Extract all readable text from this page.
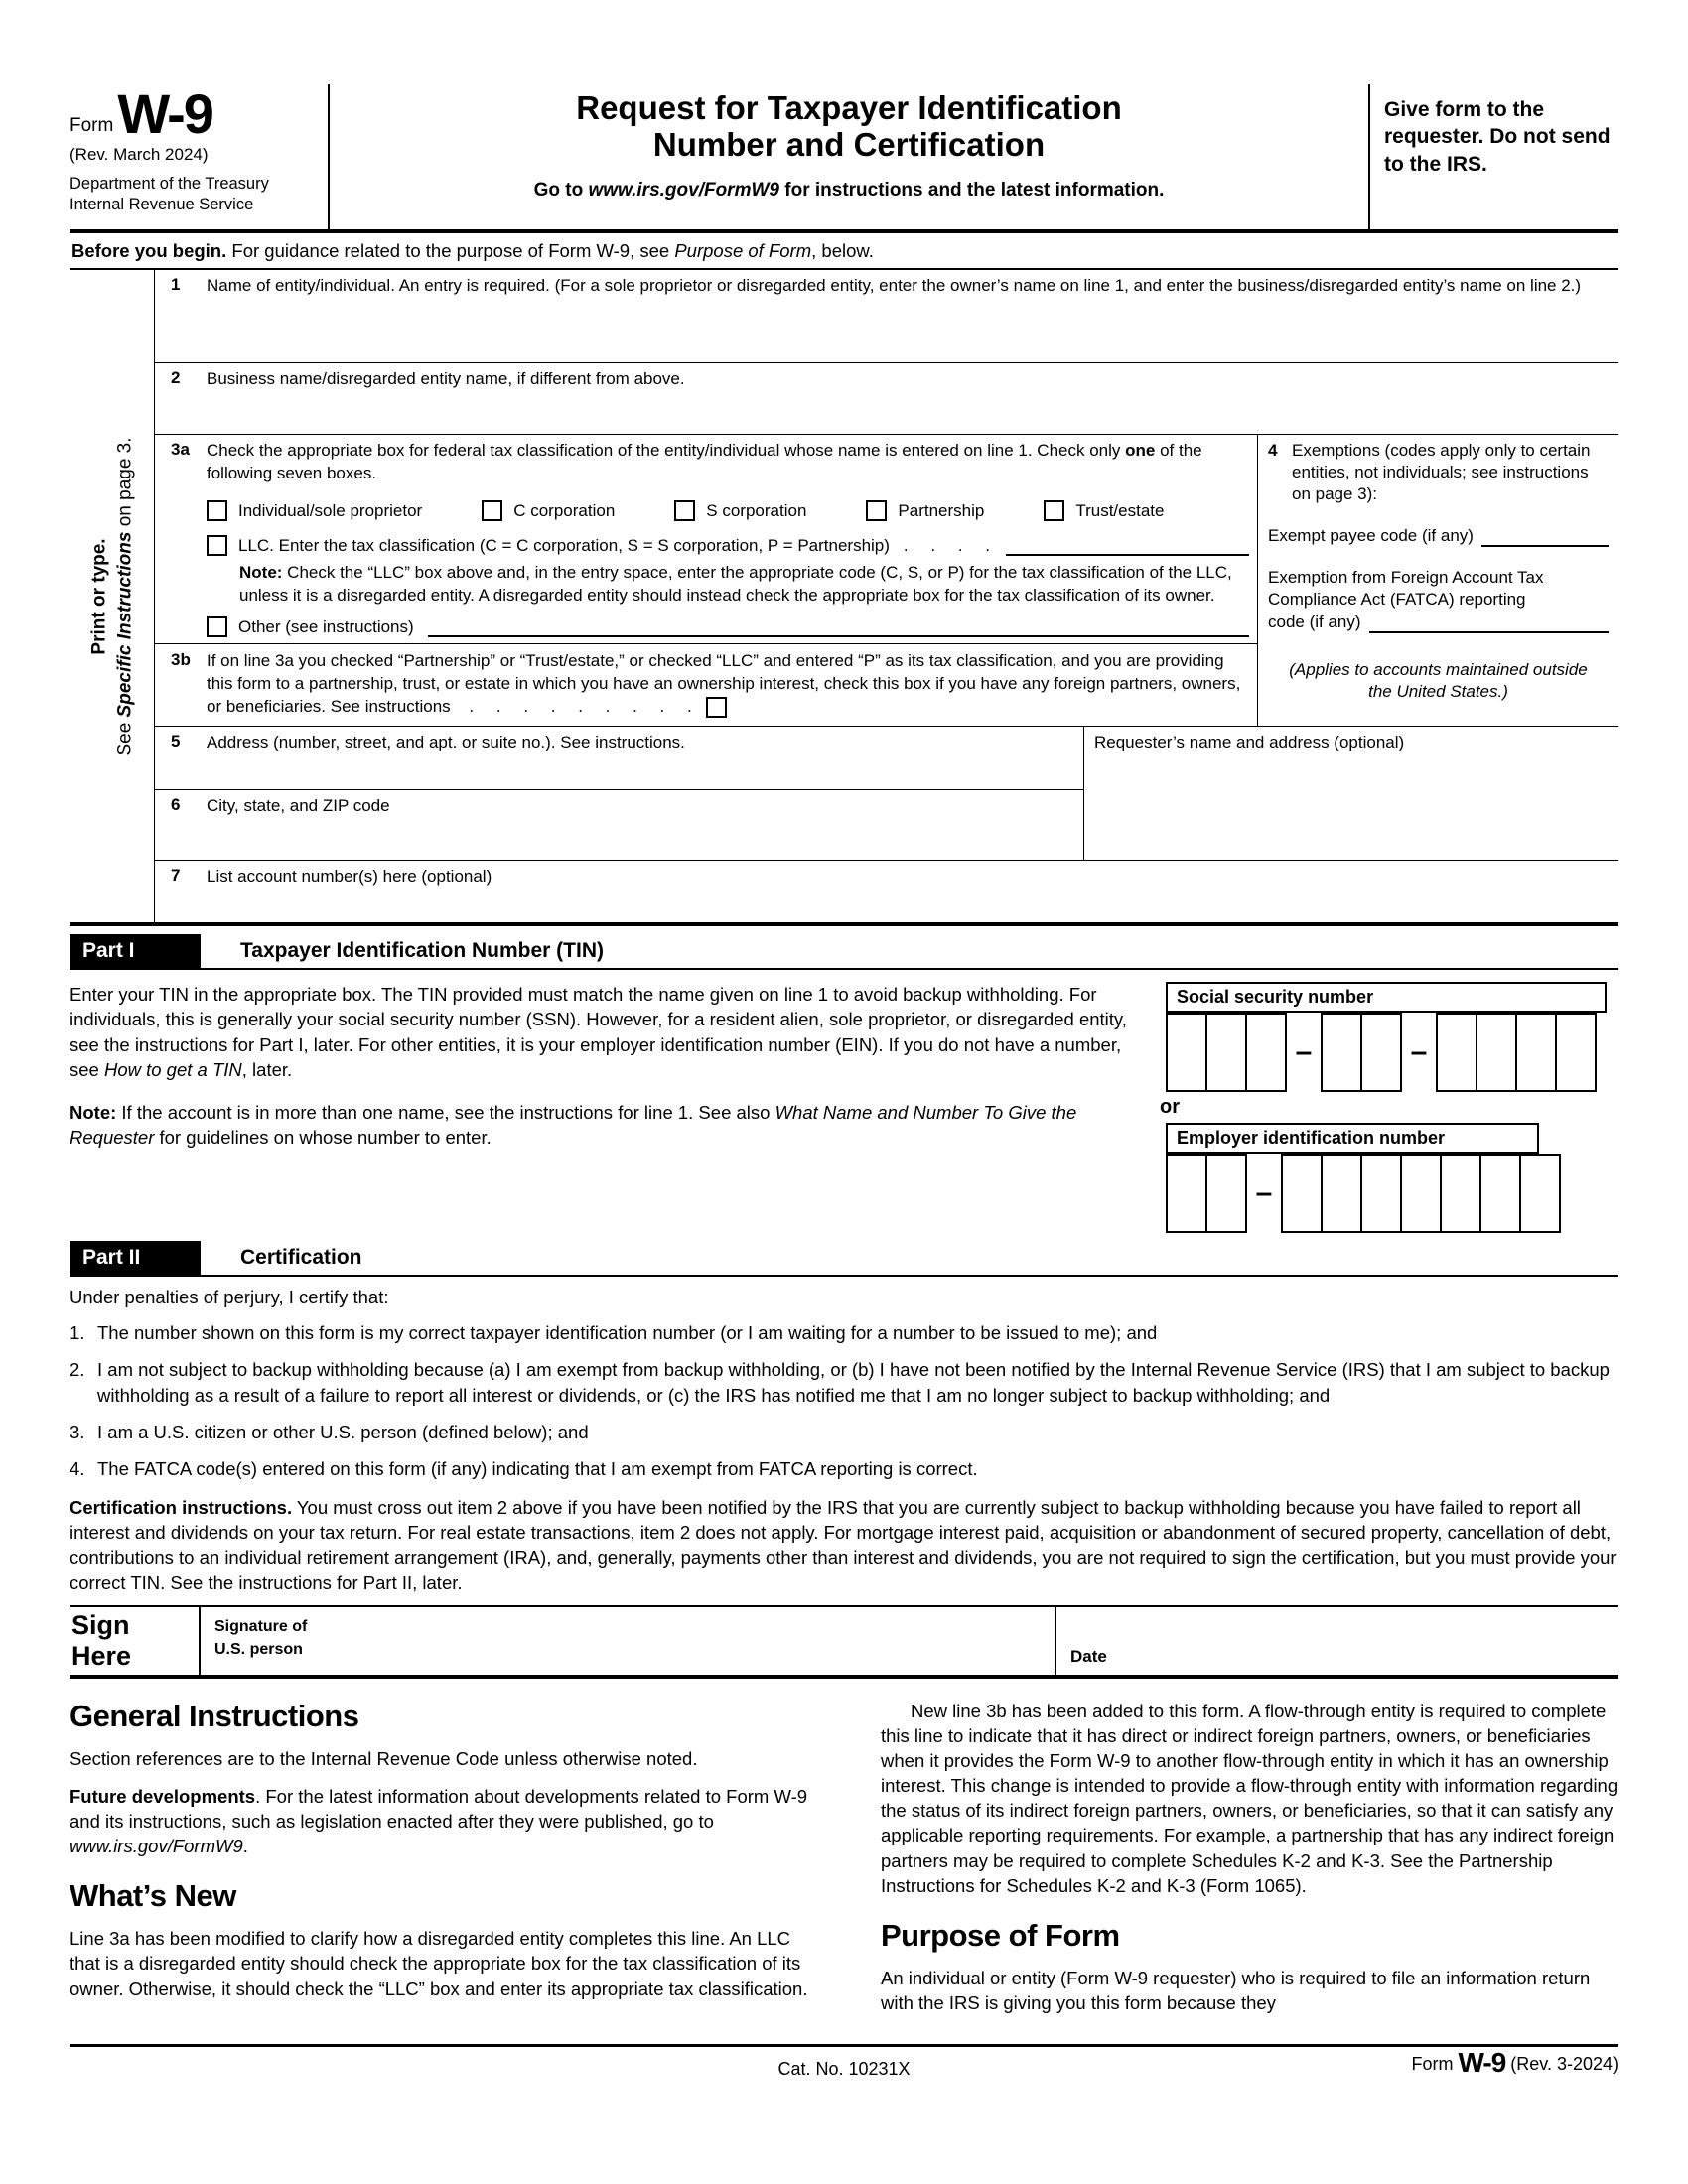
Form W-9
(Rev. March 2024)
Department of the Treasury
Internal Revenue Service
Request for Taxpayer Identification Number and Certification
Go to www.irs.gov/FormW9 for instructions and the latest information.
Give form to the requester. Do not send to the IRS.
Before you begin. For guidance related to the purpose of Form W-9, see Purpose of Form, below.
Print or type.
See Specific Instructions on page 3.
1	Name of entity/individual. An entry is required. (For a sole proprietor or disregarded entity, enter the owner’s name on line 1, and enter the business/disregarded entity’s name on line 2.)
2	Business name/disregarded entity name, if different from above.
3a	Check the appropriate box for federal tax classification of the entity/individual whose name is entered on line 1. Check only one of the following seven boxes.
Individual/sole proprietor	C corporation	S corporation	Partnership	Trust/estate
LLC. Enter the tax classification (C = C corporation, S = S corporation, P = Partnership) . . . .
Note: Check the “LLC” box above and, in the entry space, enter the appropriate code (C, S, or P) for the tax classification of the LLC, unless it is a disregarded entity. A disregarded entity should instead check the appropriate box for the tax classification of its owner.
Other (see instructions)
3b If on line 3a you checked “Partnership” or “Trust/estate,” or checked “LLC” and entered “P” as its tax classification, and you are providing this form to a partnership, trust, or estate in which you have an ownership interest, check this box if you have any foreign partners, owners, or beneficiaries. See instructions . . . . . . . . .
4 Exemptions (codes apply only to certain entities, not individuals; see instructions on page 3):
Exempt payee code (if any)
Exemption from Foreign Account Tax Compliance Act (FATCA) reporting
code (if any)
(Applies to accounts maintained outside the United States.)
5	Address (number, street, and apt. or suite no.). See instructions.
6	City, state, and ZIP code
Requester’s name and address (optional)
7	List account number(s) here (optional)
Part I	Taxpayer Identification Number (TIN)
Enter your TIN in the appropriate box. The TIN provided must match the name given on line 1 to avoid backup withholding. For individuals, this is generally your social security number (SSN). However, for a resident alien, sole proprietor, or disregarded entity, see the instructions for Part I, later. For other entities, it is your employer identification number (EIN). If you do not have a number, see How to get a TIN, later.
Note: If the account is in more than one name, see the instructions for line 1. See also What Name and Number To Give the Requester for guidelines on whose number to enter.
Social security number
–	–
or
Employer identification number
–
Part II	Certification
Under penalties of perjury, I certify that:
1. The number shown on this form is my correct taxpayer identification number (or I am waiting for a number to be issued to me); and
2. I am not subject to backup withholding because (a) I am exempt from backup withholding, or (b) I have not been notified by the Internal Revenue Service (IRS) that I am subject to backup withholding as a result of a failure to report all interest or dividends, or (c) the IRS has notified me that I am no longer subject to backup withholding; and
3. I am a U.S. citizen or other U.S. person (defined below); and
4. The FATCA code(s) entered on this form (if any) indicating that I am exempt from FATCA reporting is correct.
Certification instructions. You must cross out item 2 above if you have been notified by the IRS that you are currently subject to backup withholding because you have failed to report all interest and dividends on your tax return. For real estate transactions, item 2 does not apply. For mortgage interest paid, acquisition or abandonment of secured property, cancellation of debt, contributions to an individual retirement arrangement (IRA), and, generally, payments other than interest and dividends, you are not required to sign the certification, but you must provide your correct TIN. See the instructions for Part II, later.
Sign
Here
Signature of
U.S. person	Date
General Instructions
Section references are to the Internal Revenue Code unless otherwise noted.
Future developments. For the latest information about developments related to Form W-9 and its instructions, such as legislation enacted after they were published, go to www.irs.gov/FormW9.
What’s New
Line 3a has been modified to clarify how a disregarded entity completes this line. An LLC that is a disregarded entity should check the appropriate box for the tax classification of its owner. Otherwise, it should check the “LLC” box and enter its appropriate tax classification.
New line 3b has been added to this form. A flow-through entity is required to complete this line to indicate that it has direct or indirect foreign partners, owners, or beneficiaries when it provides the Form W-9 to another flow-through entity in which it has an ownership interest. This change is intended to provide a flow-through entity with information regarding the status of its indirect foreign partners, owners, or beneficiaries, so that it can satisfy any applicable reporting requirements. For example, a partnership that has any indirect foreign partners may be required to complete Schedules K-2 and K-3. See the Partnership Instructions for Schedules K-2 and K-3 (Form 1065).
Purpose of Form
An individual or entity (Form W-9 requester) who is required to file an information return with the IRS is giving you this form because they
Cat. No. 10231X	Form W-9 (Rev. 3-2024)
